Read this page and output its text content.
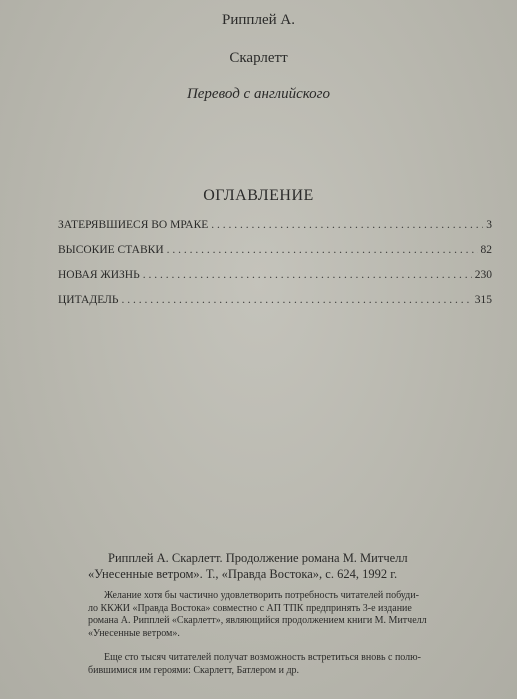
Рипплей А.
Скарлетт
Перевод с английского
ОГЛАВЛЕНИЕ
ЗАТЕРЯВШИЕСЯ ВО МРАКЕ . . .	3
ВЫСОКИЕ СТАВКИ . . .	82
НОВАЯ ЖИЗНЬ . . .	230
ЦИТАДЕЛЬ . . .	315

Рипплей А. Скарлетт. Продолжение романа М. Митчелл
«Унесенные ветром». Т., «Правда Востока», с. 624, 1992 г.

Желание хотя бы частично удовлетворить потребность читателей побуди-
ло ККЖИ «Правда Востока» совместно с АП ТПК предпринять 3-е издание
романа А. Рипплей «Скарлетт», являющийся продолжением книги М. Митчелл
«Унесенные ветром».

Еще сто тысяч читателей получат возможность встретиться вновь с полю-
бившимися им героями: Скарлетт, Батлером и др.
